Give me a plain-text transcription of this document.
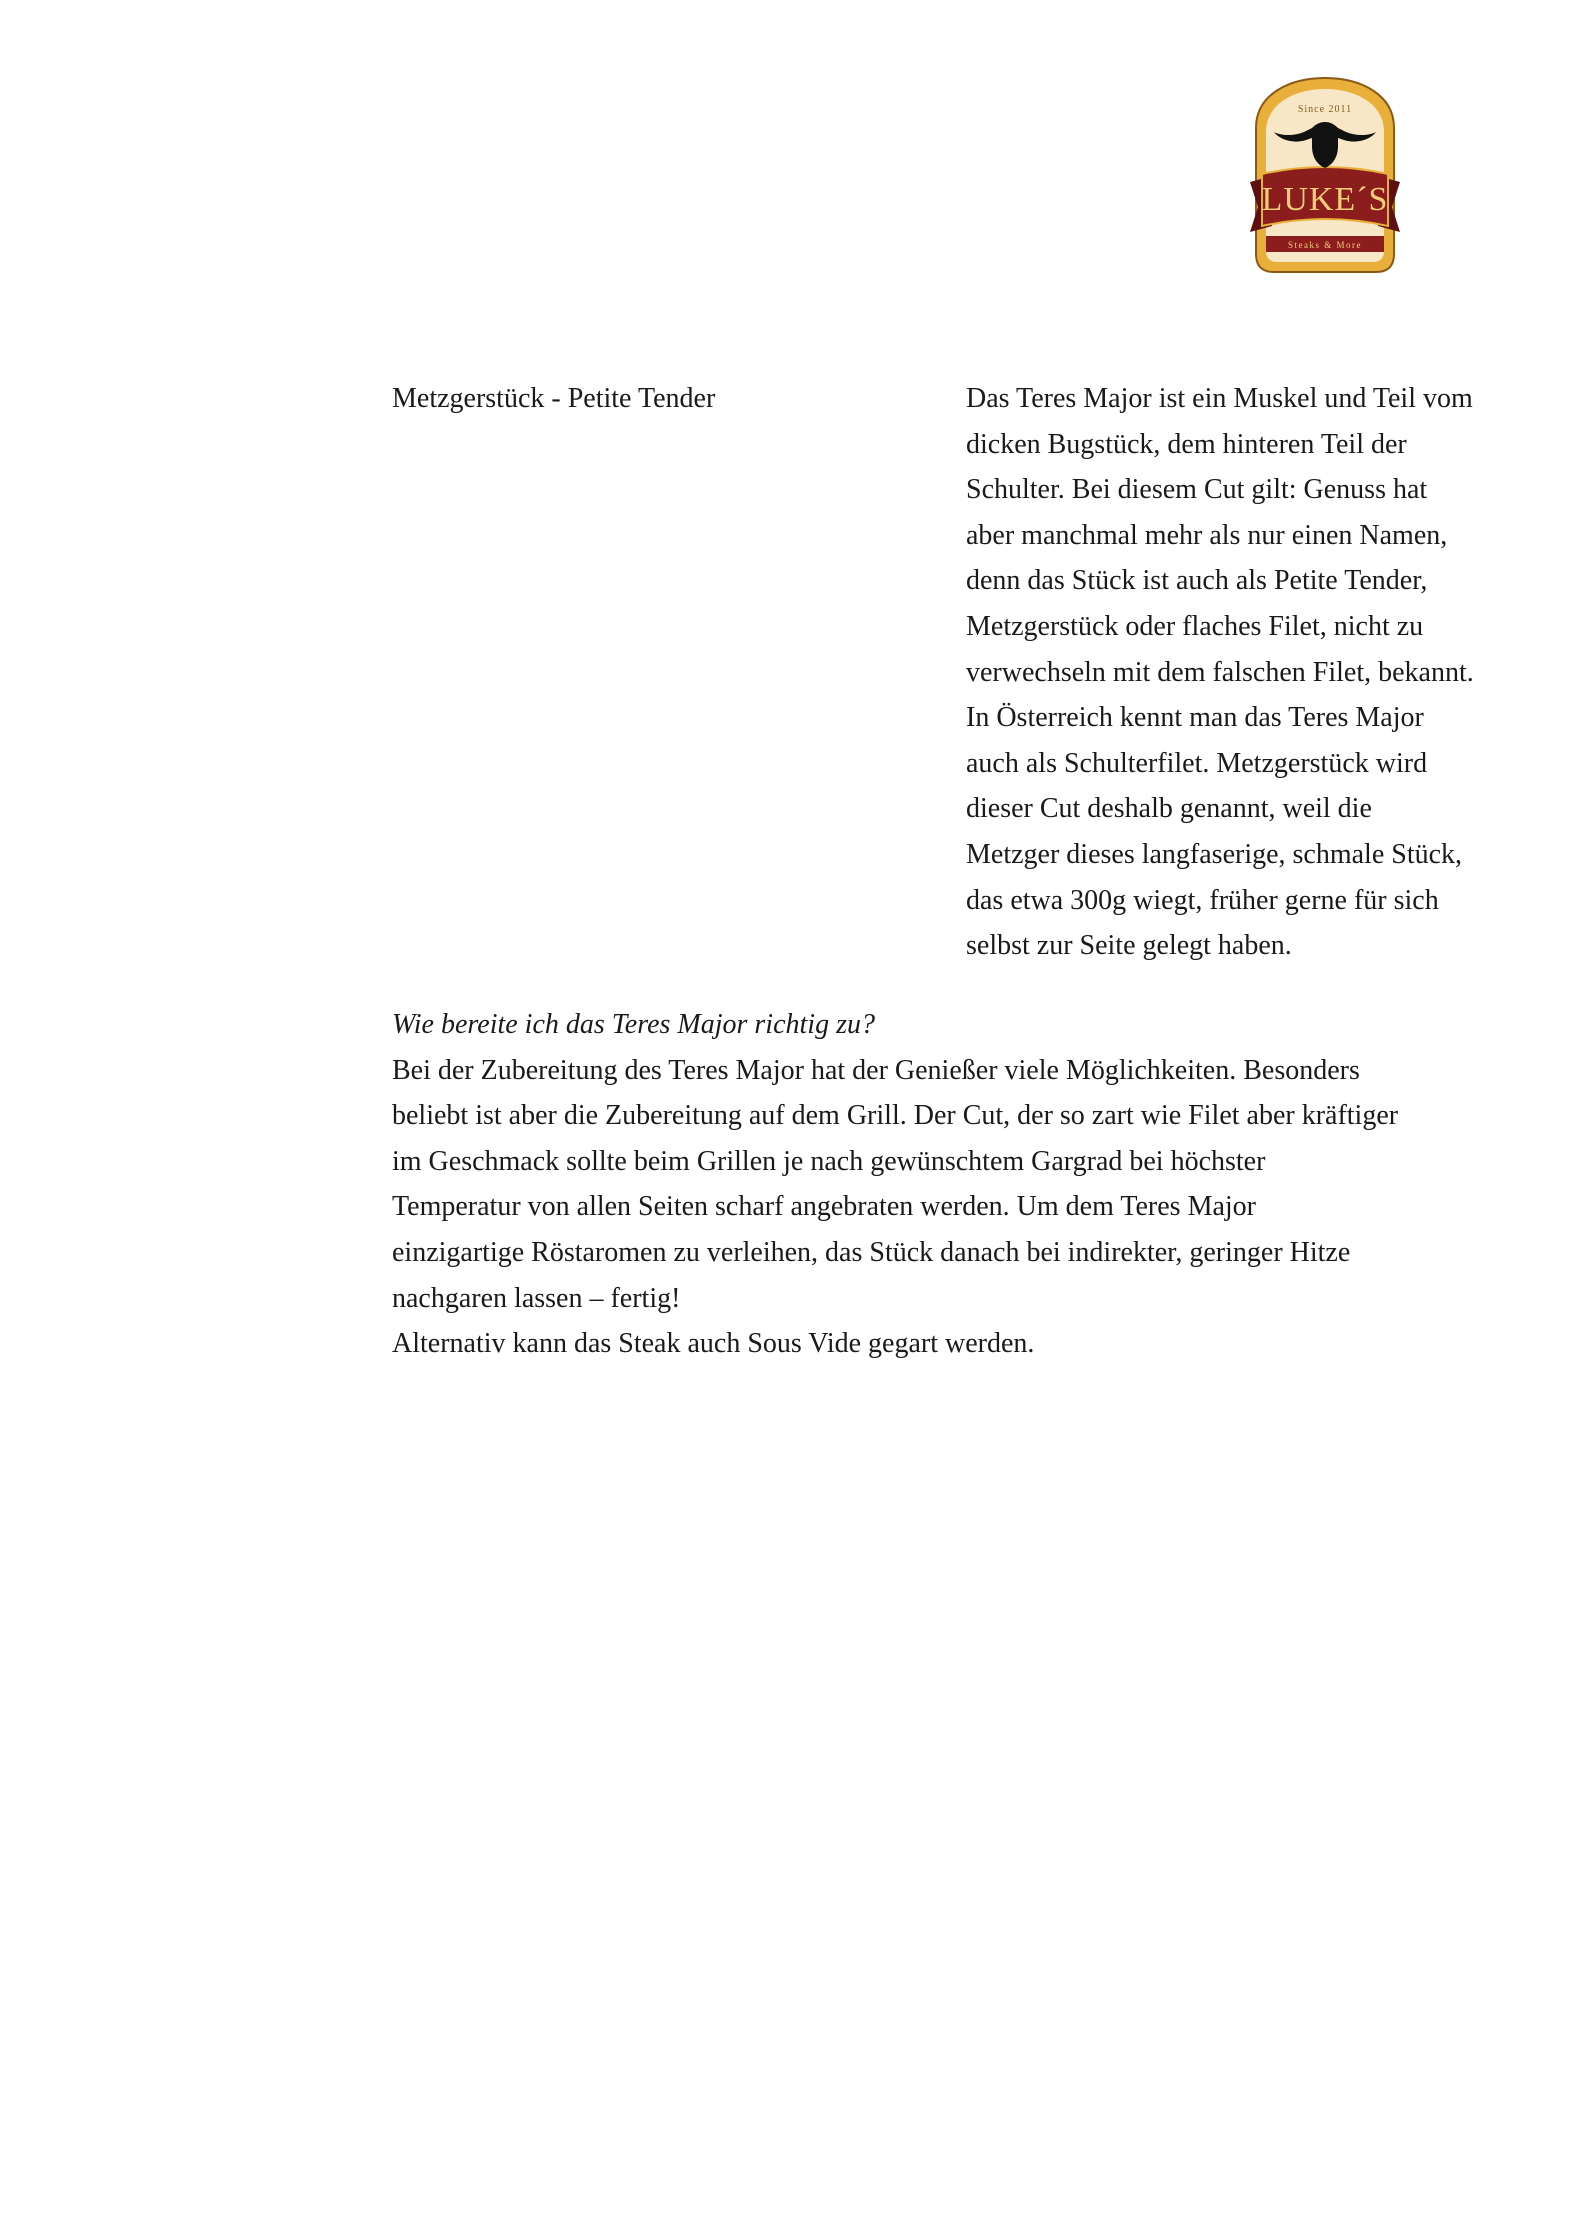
Since 2011
LUKE´S
Steaks & More
Metzgerstück - Petite Tender	Das Teres Major ist ein Muskel und Teil vom
dicken Bugstück, dem hinteren Teil der
Schulter. Bei diesem Cut gilt: Genuss hat
aber manchmal mehr als nur einen Namen,
denn das Stück ist auch als Petite Tender,
Metzgerstück oder flaches Filet, nicht zu
verwechseln mit dem falschen Filet, bekannt.
In Österreich kennt man das Teres Major
auch als Schulterfilet. Metzgerstück wird
dieser Cut deshalb genannt, weil die
Metzger dieses langfaserige, schmale Stück,
das etwa 300g wiegt, früher gerne für sich
selbst zur Seite gelegt haben.
Wie bereite ich das Teres Major richtig zu?
Bei der Zubereitung des Teres Major hat der Genießer viele Möglichkeiten. Besonders
beliebt ist aber die Zubereitung auf dem Grill. Der Cut, der so zart wie Filet aber kräftiger
im Geschmack sollte beim Grillen je nach gewünschtem Gargrad bei höchster
Temperatur von allen Seiten scharf angebraten werden. Um dem Teres Major
einzigartige Röstaromen zu verleihen, das Stück danach bei indirekter, geringer Hitze
nachgaren lassen – fertig!
Alternativ kann das Steak auch Sous Vide gegart werden.
